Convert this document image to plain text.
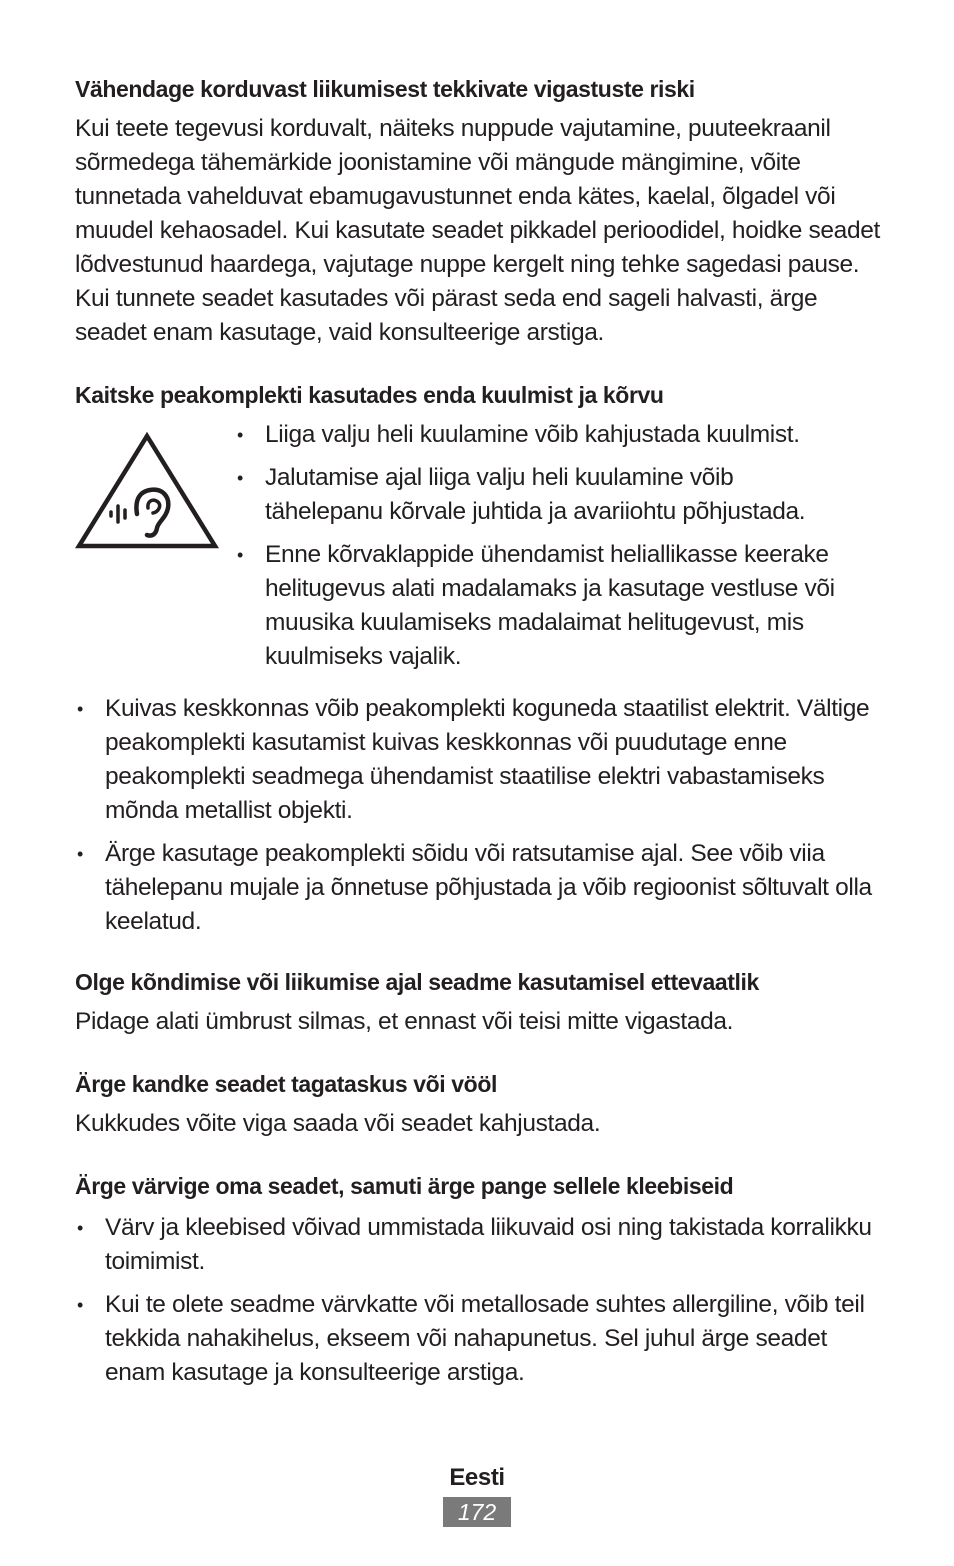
Vähendage korduvast liikumisest tekkivate vigastuste riski

Kui teete tegevusi korduvalt, näiteks nuppude vajutamine, puuteekraanil sõrmedega tähemärkide joonistamine või mängude mängimine, võite tunnetada vahelduvat ebamugavustunnet enda kätes, kaelal, õlgadel või muudel kehaosadel. Kui kasutate seadet pikkadel perioodidel, hoidke seadet lõdvestunud haardega, vajutage nuppe kergelt ning tehke sagedasi pause. Kui tunnete seadet kasutades või pärast seda end sageli halvasti, ärge seadet enam kasutage, vaid konsulteerige arstiga.

Kaitske peakomplekti kasutades enda kuulmist ja kõrvu
• Liiga valju heli kuulamine võib kahjustada kuulmist.
• Jalutamise ajal liiga valju heli kuulamine võib tähelepanu kõrvale juhtida ja avariiohtu põhjustada.
• Enne kõrvaklappide ühendamist heliallikasse keerake helitugevus alati madalamaks ja kasutage vestluse või muusika kuulamiseks madalaimat helitugevust, mis kuulmiseks vajalik.
• Kuivas keskkonnas võib peakomplekti koguneda staatilist elektrit. Vältige peakomplekti kasutamist kuivas keskkonnas või puudutage enne peakomplekti seadmega ühendamist staatilise elektri vabastamiseks mõnda metallist objekti.
• Ärge kasutage peakomplekti sõidu või ratsutamise ajal. See võib viia tähelepanu mujale ja õnnetuse põhjustada ja võib regioonist sõltuvalt olla keelatud.
Olge kõndimise või liikumise ajal seadme kasutamisel ettevaatlik

Pidage alati ümbrust silmas, et ennast või teisi mitte vigastada.

Ärge kandke seadet tagataskus või vööl

Kukkudes võite viga saada või seadet kahjustada.

Ärge värvige oma seadet, samuti ärge pange sellele kleebiseid
• Värv ja kleebised võivad ummistada liikuvaid osi ning takistada korralikku toimimist.
• Kui te olete seadme värvkatte või metallosade suhtes allergiline, võib teil tekkida nahakihelus, ekseem või nahapunetus. Sel juhul ärge seadet enam kasutage ja konsulteerige arstiga.
Eesti
172
